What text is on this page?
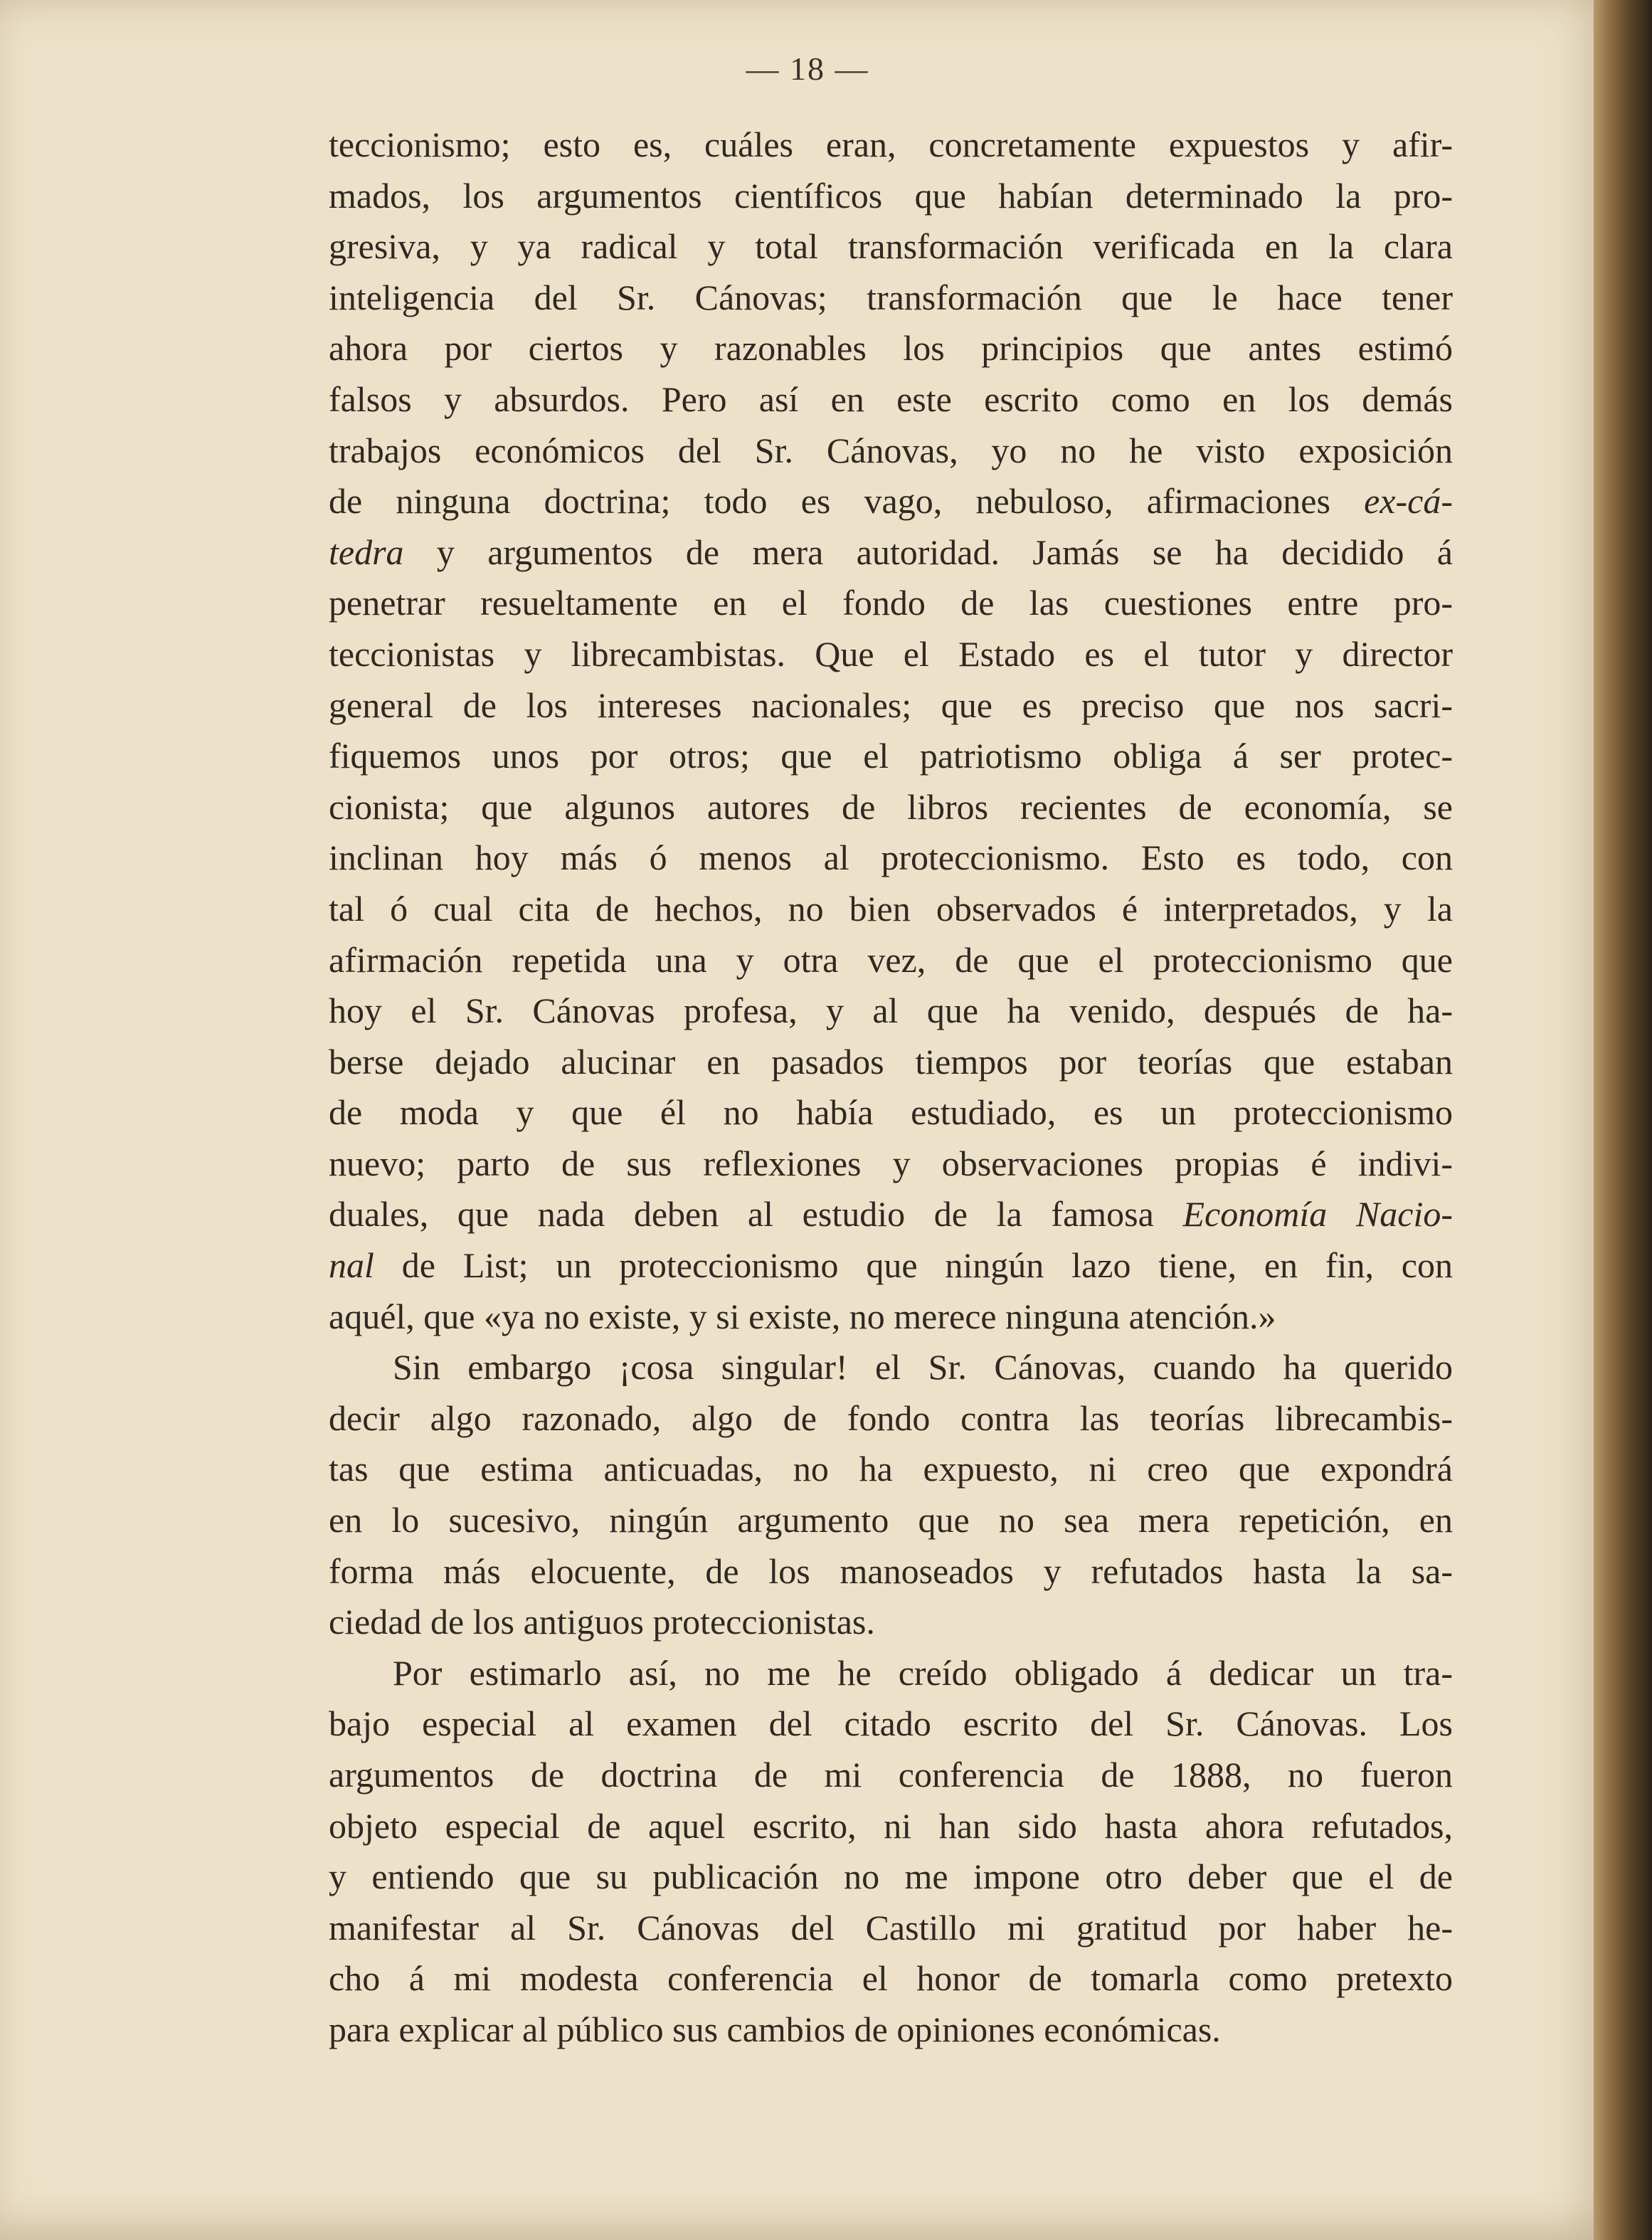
— 18 —
teccionismo; esto es, cuáles eran, concretamente expuestos y afir-
mados, los argumentos científicos que habían determinado la pro-
gresiva, y ya radical y total transformación verificada en la clara
inteligencia del Sr. Cánovas; transformación que le hace tener
ahora por ciertos y razonables los principios que antes estimó
falsos y absurdos. Pero así en este escrito como en los demás
trabajos económicos del Sr. Cánovas, yo no he visto exposición
de ninguna doctrina; todo es vago, nebuloso, afirmaciones ex-cá-
tedra y argumentos de mera autoridad. Jamás se ha decidido á
penetrar resueltamente en el fondo de las cuestiones entre pro-
teccionistas y librecambistas. Que el Estado es el tutor y director
general de los intereses nacionales; que es preciso que nos sacri-
fiquemos unos por otros; que el patriotismo obliga á ser protec-
cionista; que algunos autores de libros recientes de economía, se
inclinan hoy más ó menos al proteccionismo. Esto es todo, con
tal ó cual cita de hechos, no bien observados é interpretados, y la
afirmación repetida una y otra vez, de que el proteccionismo que
hoy el Sr. Cánovas profesa, y al que ha venido, después de ha-
berse dejado alucinar en pasados tiempos por teorías que estaban
de moda y que él no había estudiado, es un proteccionismo
nuevo; parto de sus reflexiones y observaciones propias é indivi-
duales, que nada deben al estudio de la famosa Economía Nacio-
nal de List; un proteccionismo que ningún lazo tiene, en fin, con
aquél, que «ya no existe, y si existe, no merece ninguna atención.»
Sin embargo ¡cosa singular! el Sr. Cánovas, cuando ha querido
decir algo razonado, algo de fondo contra las teorías librecambis-
tas que estima anticuadas, no ha expuesto, ni creo que expondrá
en lo sucesivo, ningún argumento que no sea mera repetición, en
forma más elocuente, de los manoseados y refutados hasta la sa-
ciedad de los antiguos proteccionistas.
Por estimarlo así, no me he creído obligado á dedicar un tra-
bajo especial al examen del citado escrito del Sr. Cánovas. Los
argumentos de doctrina de mi conferencia de 1888, no fueron
objeto especial de aquel escrito, ni han sido hasta ahora refutados,
y entiendo que su publicación no me impone otro deber que el de
manifestar al Sr. Cánovas del Castillo mi gratitud por haber he-
cho á mi modesta conferencia el honor de tomarla como pretexto
para explicar al público sus cambios de opiniones económicas.
